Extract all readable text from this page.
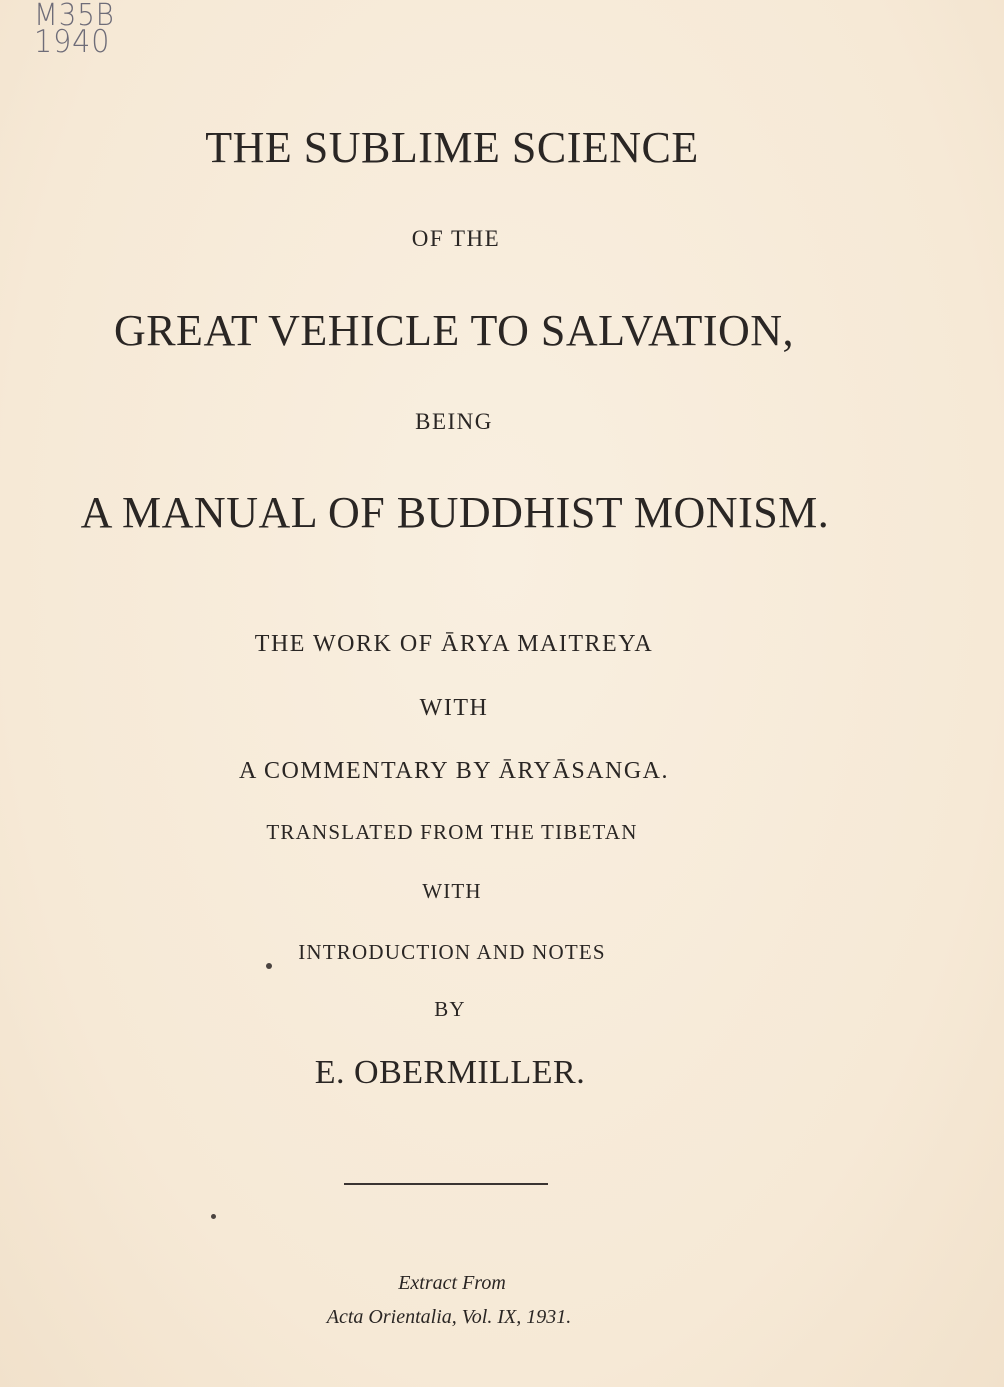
M35B
1940
THE SUBLIME SCIENCE
OF THE
GREAT VEHICLE TO SALVATION,
BEING
A MANUAL OF BUDDHIST MONISM.
THE WORK OF ĀRYA MAITREYA
WITH
A COMMENTARY BY ĀRYĀSANGA.
TRANSLATED FROM THE TIBETAN
WITH
INTRODUCTION AND NOTES
BY
E. OBERMILLER.
Extract From
Acta Orientalia, Vol. IX, 1931.
